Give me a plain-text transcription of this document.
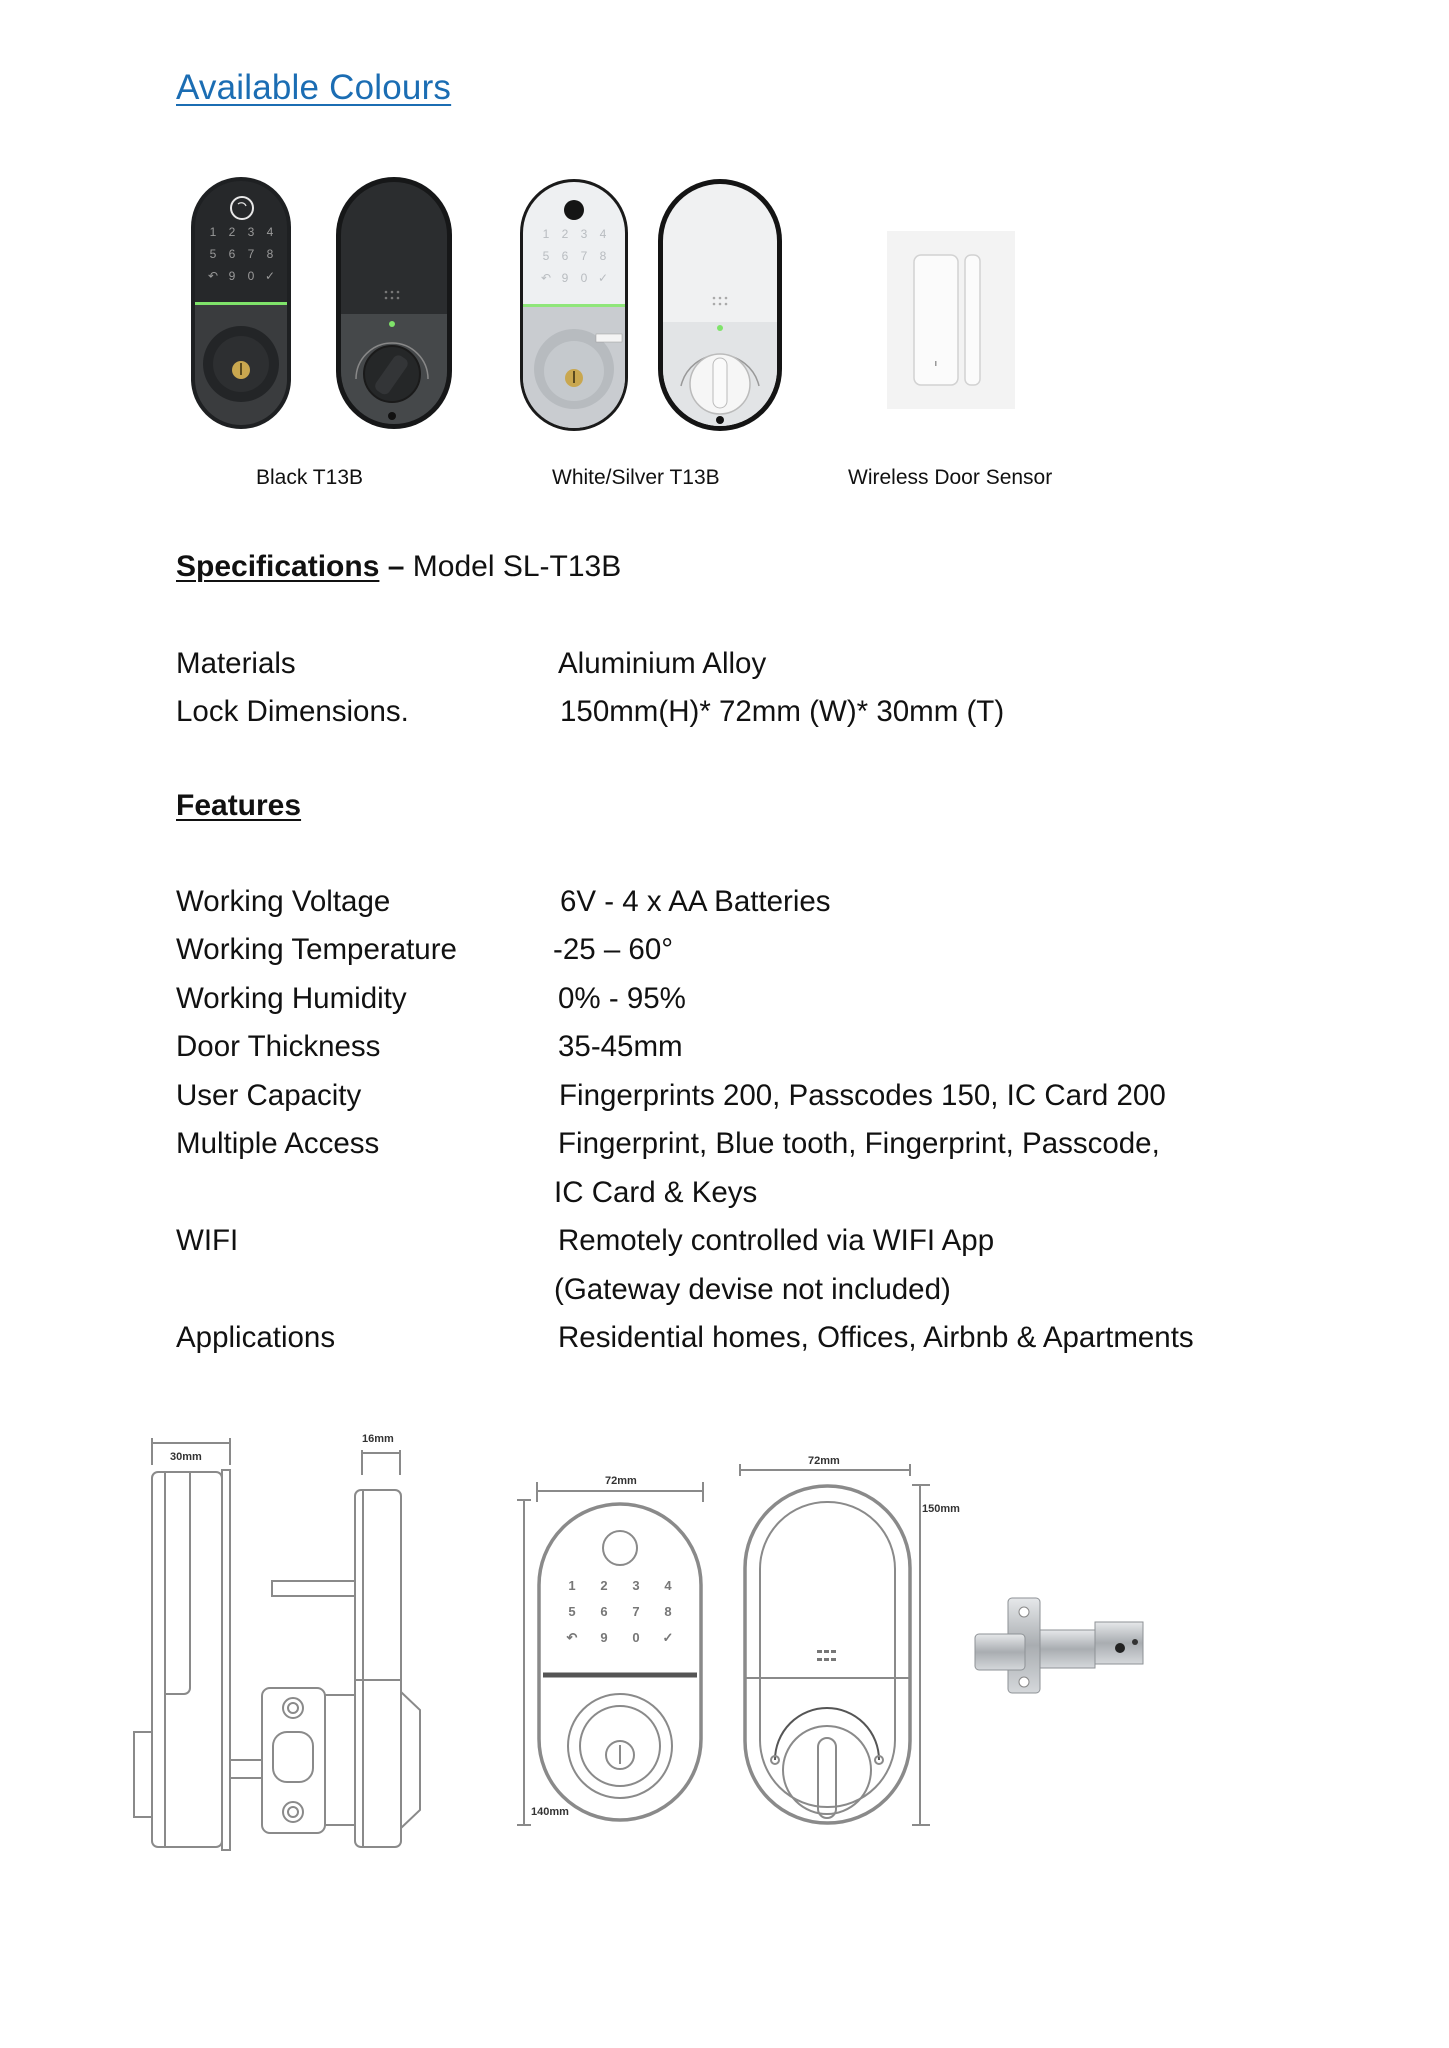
Available Colours
1 2 3 4
5 6 7 8
↶ 9 0 ✓
1 2 3 4
5 6 7 8
↶ 9 0 ✓
Black T13B	White/Silver T13B	Wireless Door Sensor
Specifications – Model SL-T13B
Materials	Aluminium Alloy
Lock Dimensions.	150mm(H)* 72mm (W)* 30mm (T)
Features
Working Voltage	6V - 4 x AA Batteries
Working Temperature	-25 – 60°
Working Humidity	0% - 95%
Door Thickness	35-45mm
User Capacity	Fingerprints 200, Passcodes 150, IC Card 200
Multiple Access	Fingerprint, Blue tooth, Fingerprint, Passcode,
IC Card & Keys
WIFI	Remotely controlled via WIFI App
(Gateway devise not included)
Applications	Residential homes, Offices, Airbnb & Apartments
30mm
16mm
72mm
140mm
1 2 3 4
5 6 7 8
↶ 9 0 ✓
72mm
150mm
